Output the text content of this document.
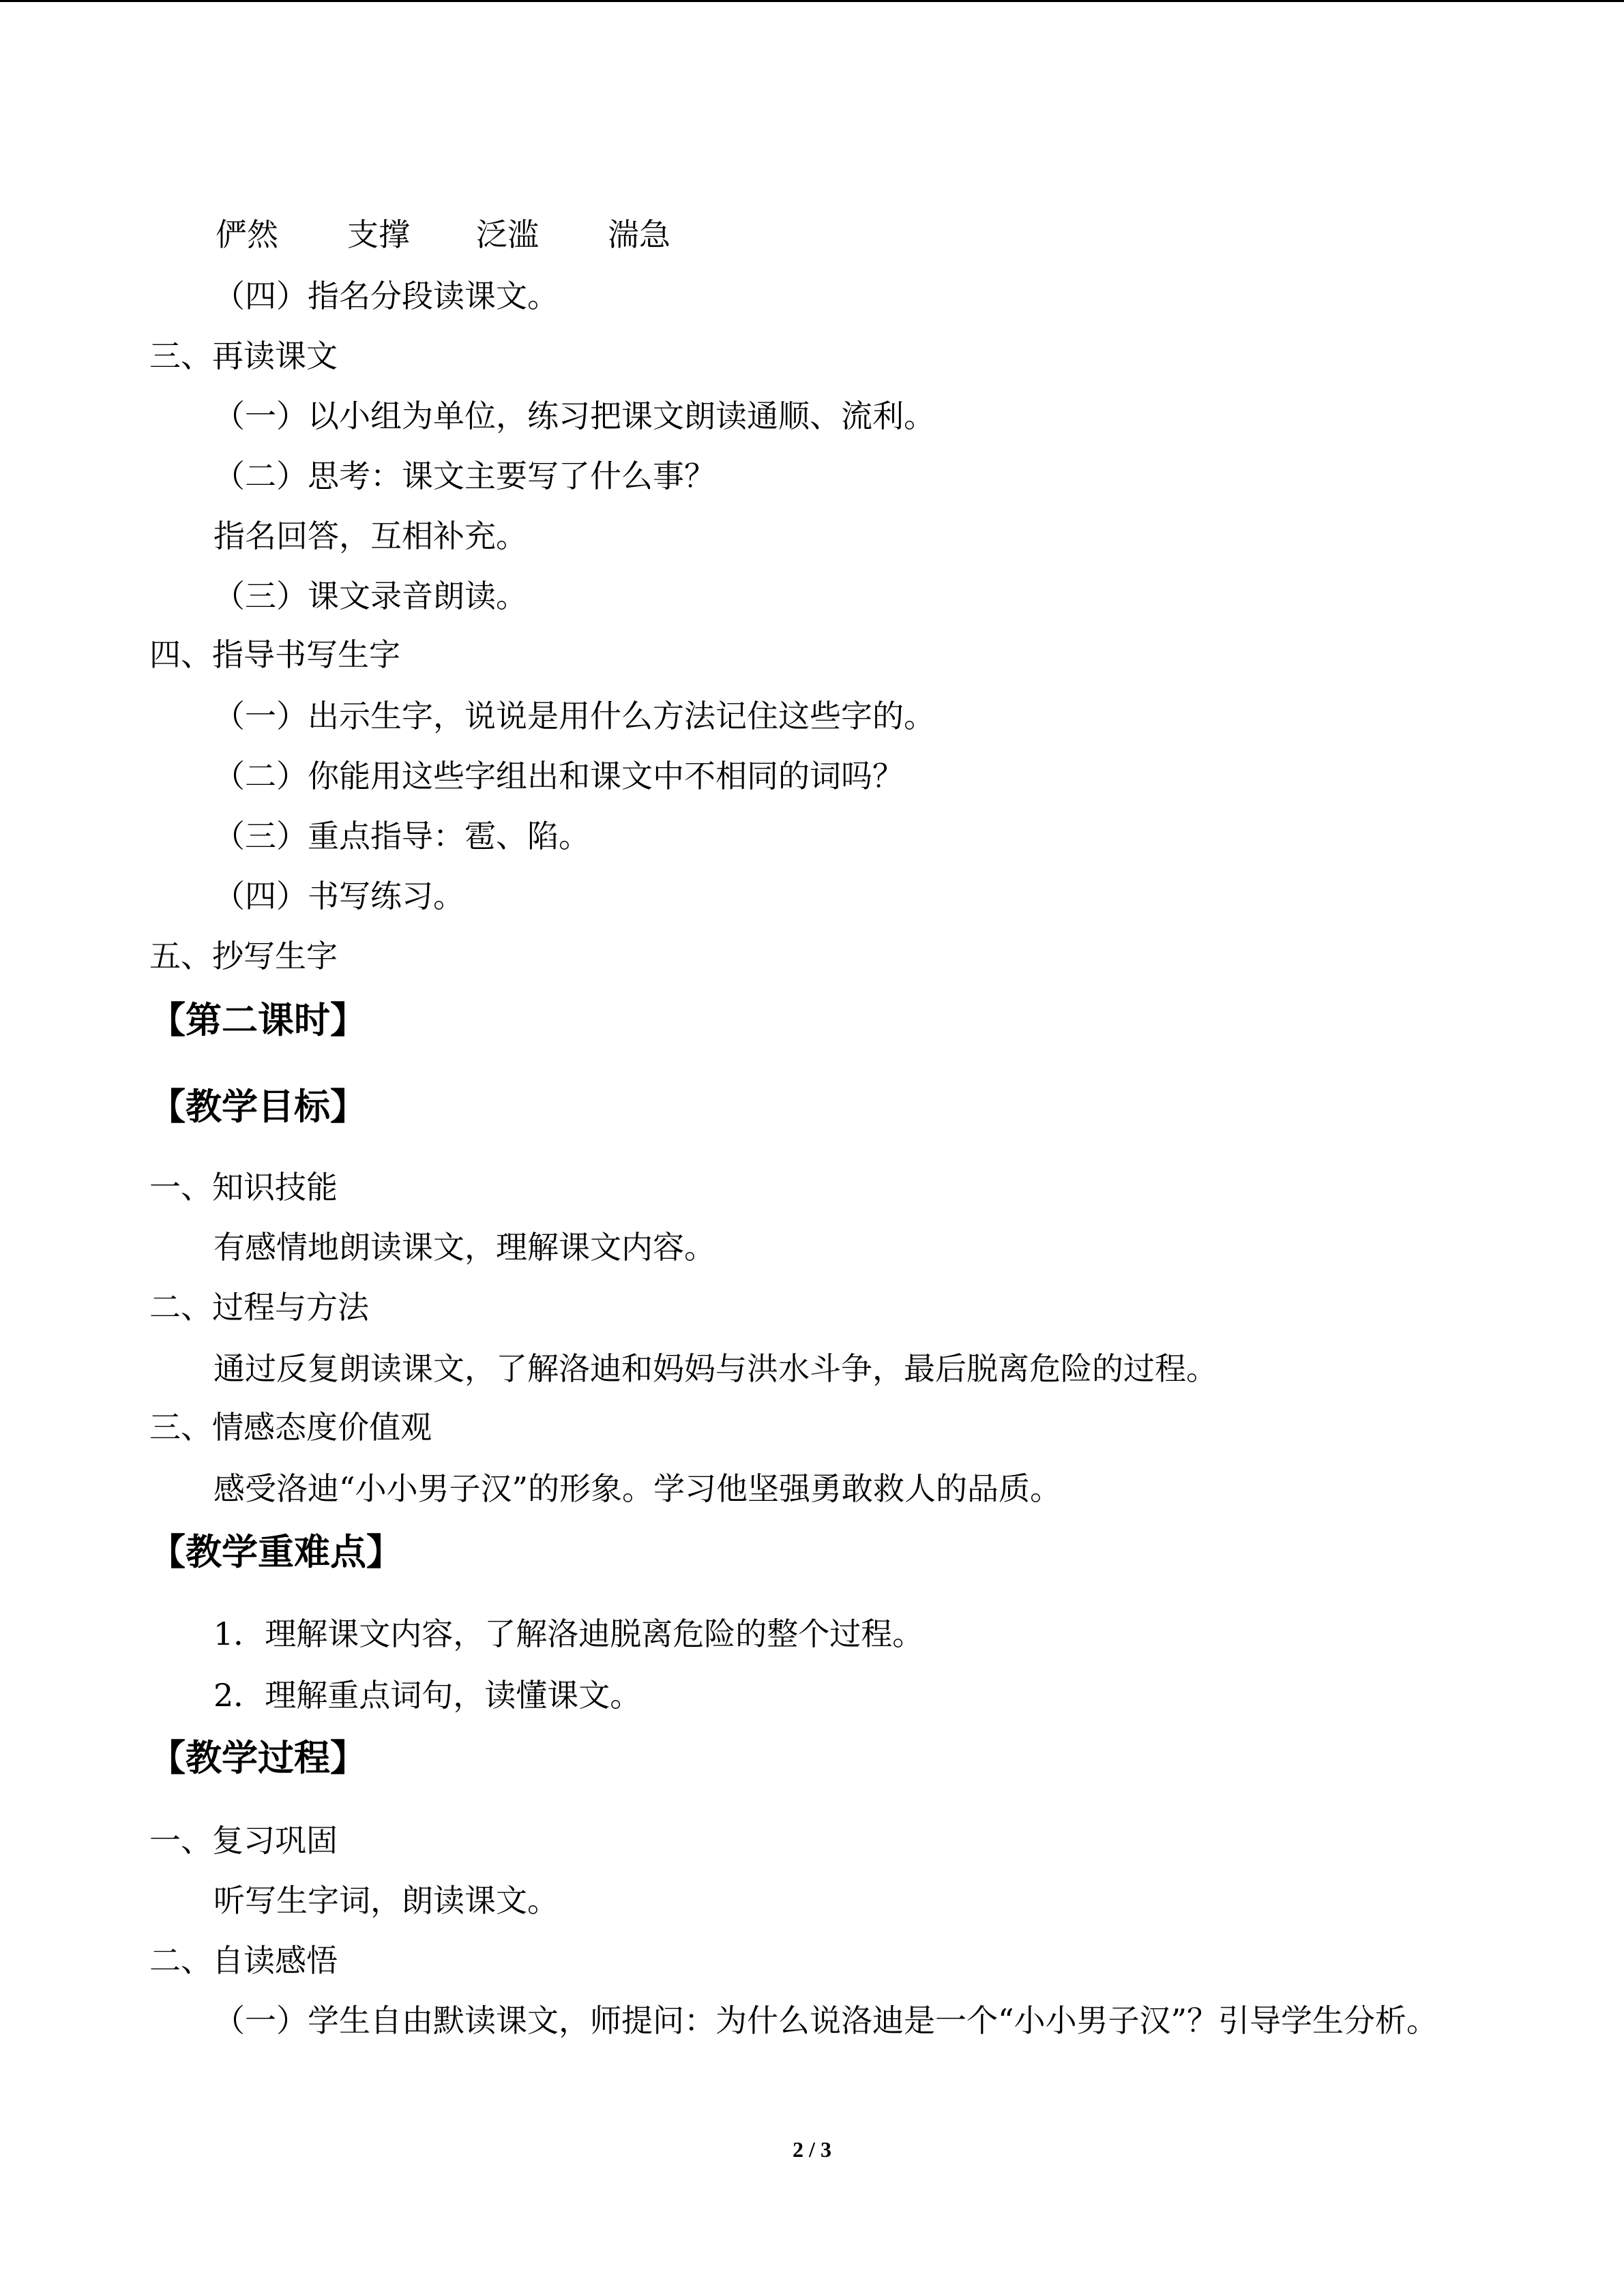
俨然 支撑 泛滥 湍急
（四）指名分段读课文。
三、再读课文
（一）以小组为单位，练习把课文朗读通顺、流利。
（二）思考：课文主要写了什么事？
指名回答，互相补充。
（三）课文录音朗读。
四、指导书写生字
（一）出示生字，说说是用什么方法记住这些字的。
（二）你能用这些字组出和课文中不相同的词吗？
（三）重点指导：雹、陷。
（四）书写练习。
五、抄写生字
【第二课时】
【教学目标】
一、知识技能
有感情地朗读课文，理解课文内容。
二、过程与方法
通过反复朗读课文，了解洛迪和妈妈与洪水斗争，最后脱离危险的过程。
三、情感态度价值观
感受洛迪“小小男子汉”的形象。学习他坚强勇敢救人的品质。
【教学重难点】
1．理解课文内容，了解洛迪脱离危险的整个过程。
2．理解重点词句，读懂课文。
【教学过程】
一、复习巩固
听写生字词，朗读课文。
二、自读感悟
（一）学生自由默读课文，师提问：为什么说洛迪是一个“小小男子汉”？引导学生分析。
2 / 3
